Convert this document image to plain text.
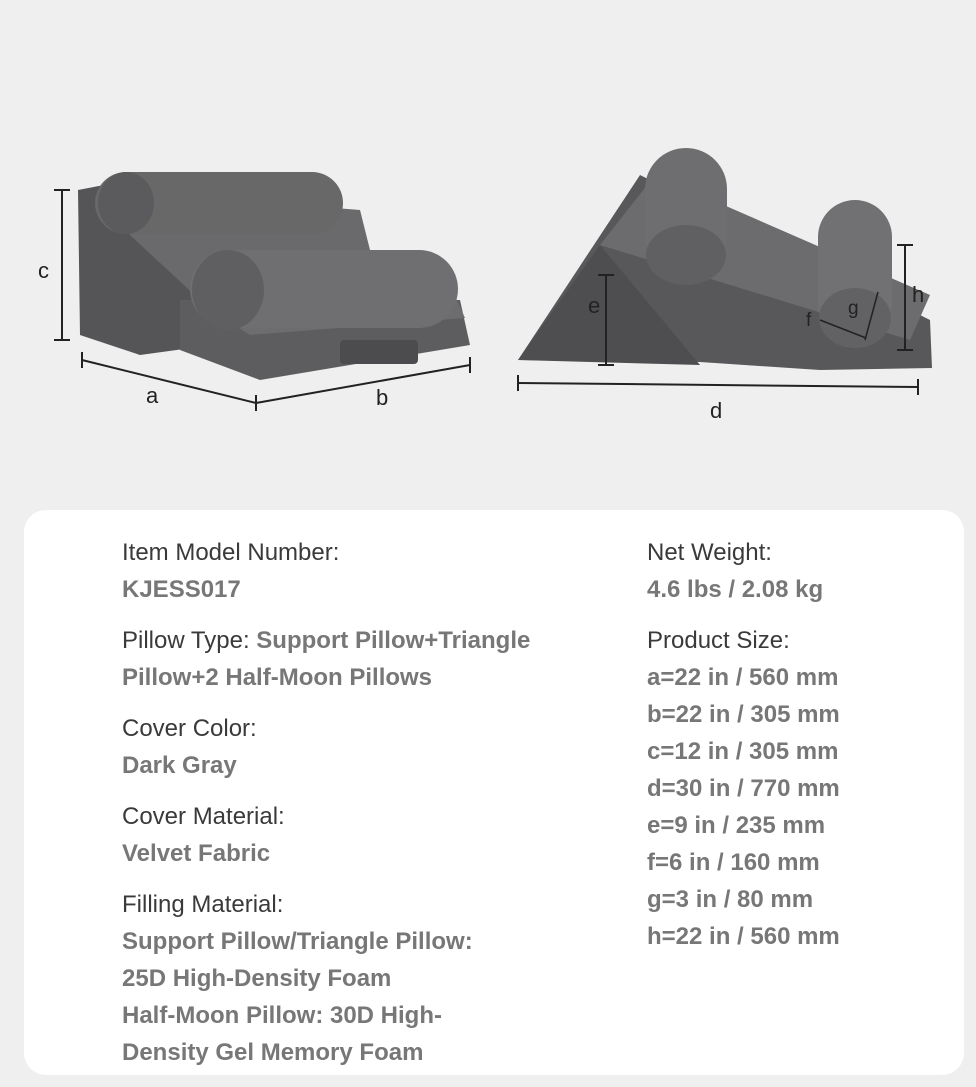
c
a	b
e
d
h
g
f
Item Model Number:
KJESS017
Pillow Type: Support Pillow+Triangle Pillow+2 Half-Moon Pillows
Cover Color:
Dark Gray
Cover Material:
Velvet Fabric
Filling Material:
Support Pillow/Triangle Pillow:
25D High-Density Foam
Half-Moon Pillow: 30D High-
Density Gel Memory Foam
Net Weight:
4.6 lbs / 2.08 kg
Product Size:
a=22 in / 560 mm
b=22 in / 305 mm
c=12 in / 305 mm
d=30 in / 770 mm
e=9 in / 235 mm
f=6 in / 160 mm
g=3 in / 80 mm
h=22 in / 560 mm
